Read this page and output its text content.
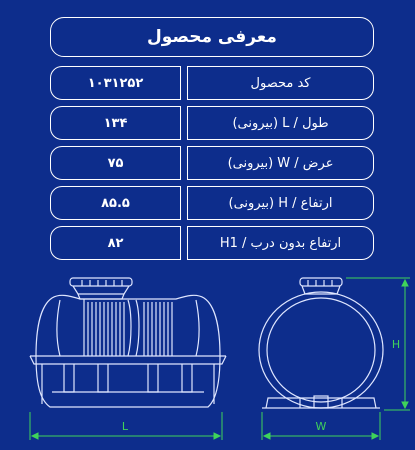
معرفی محصول
۱۰۳۱۲۵۲	کد محصول
۱۳۴	طول / L (بیرونی)
۷۵	عرض / W (بیرونی)
۸۵.۵	ارتفاع / H (بیرونی)
۸۲	ارتفاع بدون درب / H1
L	W
H
